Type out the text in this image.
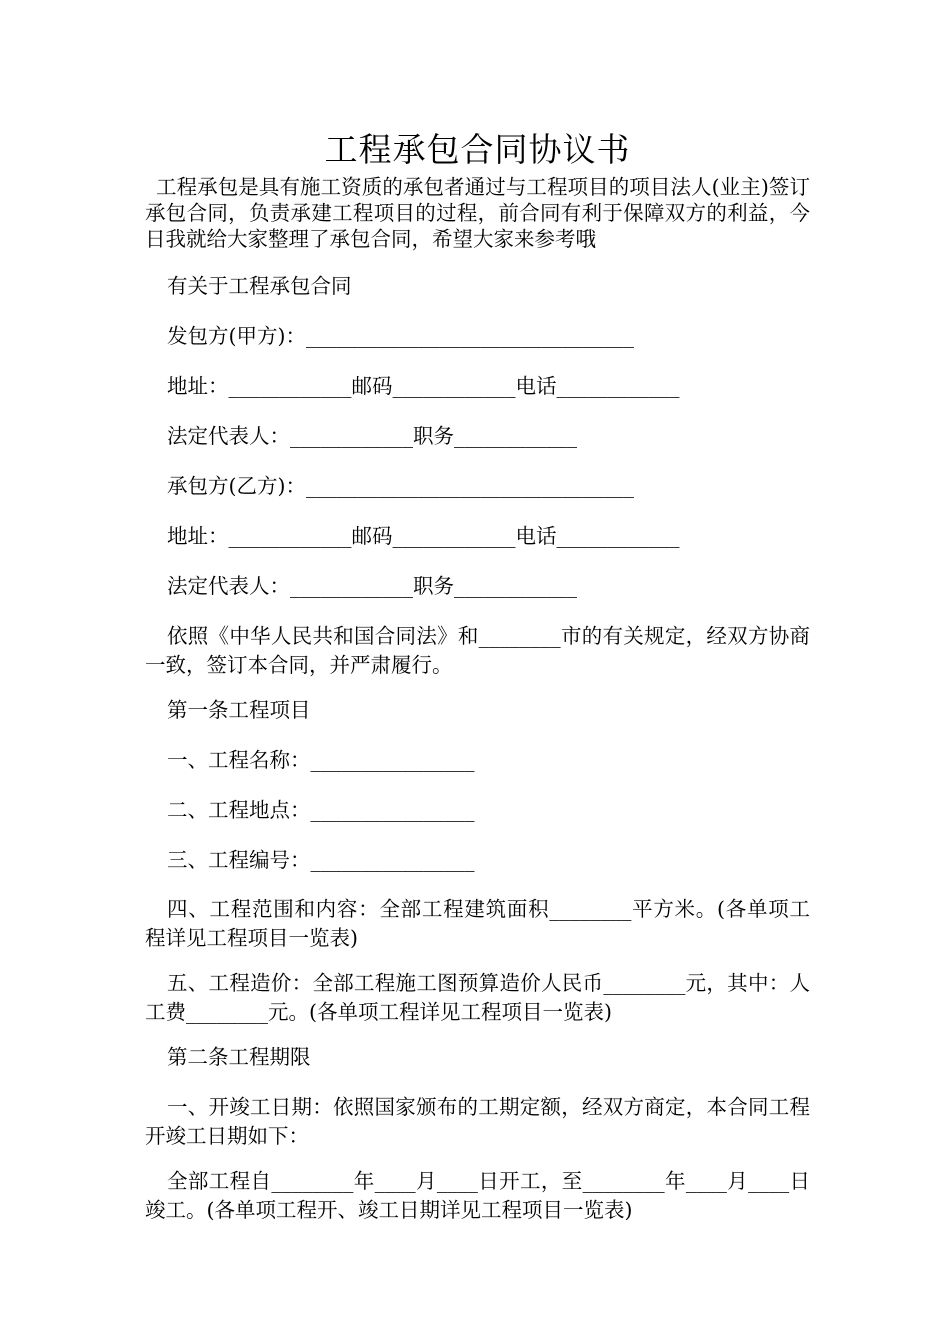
工程承包合同协议书
工程承包是具有施工资质的承包者通过与工程项目的项目法人(业主)签订承包合同，负责承建工程项目的过程，前合同有利于保障双方的利益，今日我就给大家整理了承包合同，希望大家来参考哦
有关于工程承包合同
发包方(甲方)：________________________________
地址：____________邮码____________电话____________
法定代表人：____________职务____________
承包方(乙方)：________________________________
地址：____________邮码____________电话____________
法定代表人：____________职务____________
依照《中华人民共和国合同法》和________市的有关规定，经双方协商一致，签订本合同，并严肃履行。
第一条工程项目
一、工程名称：________________
二、工程地点：________________
三、工程编号：________________
四、工程范围和内容：全部工程建筑面积________平方米。(各单项工程详见工程项目一览表)
五、工程造价：全部工程施工图预算造价人民币________元，其中：人工费________元。(各单项工程详见工程项目一览表)
第二条工程期限
一、开竣工日期：依照国家颁布的工期定额，经双方商定，本合同工程开竣工日期如下：
全部工程自________年____月____日开工，至________年____月____日竣工。(各单项工程开、竣工日期详见工程项目一览表)
